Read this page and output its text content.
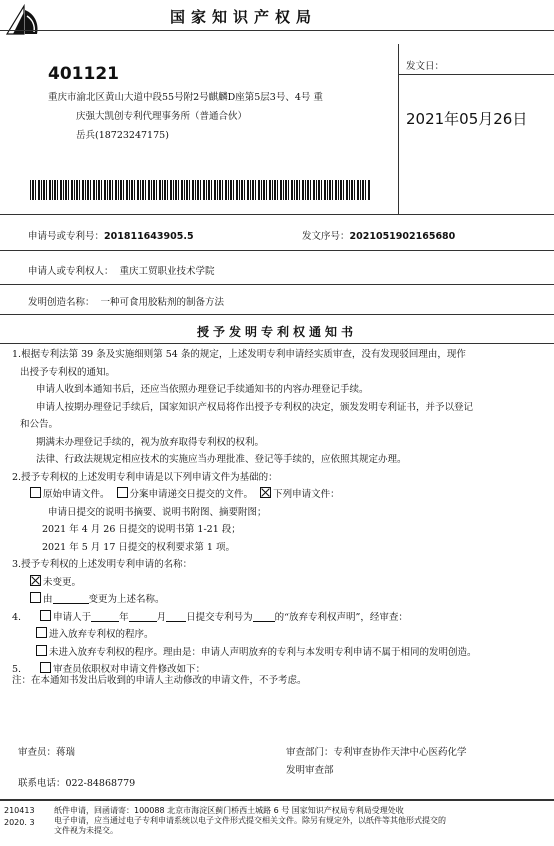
国家知识产权局
401121
重庆市渝北区黄山大道中段55号附2号麒麟D座第5层3号、4号 重
庆强大凯创专利代理事务所（普通合伙）
岳兵(18723247175)
发文日：
2021年05月26日
申请号或专利号：201811643905.5	发文序号：2021051902165680
申请人或专利权人： 重庆工贸职业技术学院
发明创造名称： 一种可食用胶粘剂的制备方法
授予发明专利权通知书
1.根据专利法第 39 条及实施细则第 54 条的规定，上述发明专利申请经实质审查，没有发现驳回理由，现作
出授予专利权的通知。
申请人收到本通知书后，还应当依照办理登记手续通知书的内容办理登记手续。
申请人按期办理登记手续后，国家知识产权局将作出授予专利权的决定，颁发发明专利证书，并予以登记
和公告。
期满未办理登记手续的，视为放弃取得专利权的权利。
法律、行政法规规定相应技术的实施应当办理批准、登记等手续的，应依照其规定办理。
2.授予专利权的上述发明专利申请是以下列申请文件为基础的：
原始申请文件。 分案申请递交日提交的文件。 下列申请文件：
申请日提交的说明书摘要、说明书附图、摘要附图；
2021 年 4 月 26 日提交的说明书第 1-21 段；
2021 年 5 月 17 日提交的权利要求第 1 项。
3.授予专利权的上述发明专利申请的名称：
未变更。
由	变更为上述名称。
4.	申请人于	年	月 日提交专利号为 的“放弃专利权声明”，经审查：
进入放弃专利权的程序。
未进入放弃专利权的程序。理由是：申请人声明放弃的专利与本发明专利申请不属于相同的发明创造。
5.	审查员依职权对申请文件修改如下：
注：在本通知书发出后收到的申请人主动修改的申请文件，不予考虑。
审查员：蒋瑞	审查部门：专利审查协作天津中心医药化学
发明审查部
联系电话：022-84868779
210413
2020. 3
纸件申请，回函请寄：100088 北京市海淀区蓟门桥西土城路 6 号 国家知识产权局专利局受理处收
电子申请，应当通过电子专利申请系统以电子文件形式提交相关文件。除另有规定外，以纸件等其他形式提交的
文件视为未提交。
